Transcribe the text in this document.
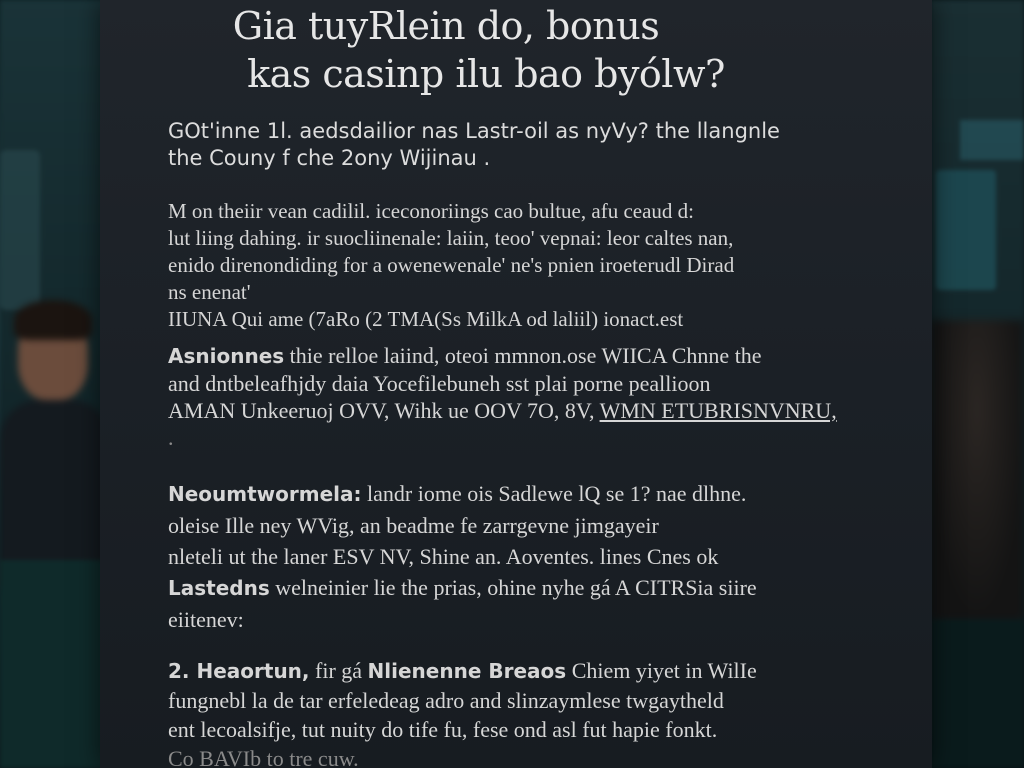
Gia tuyRlein do, bonus
kas casinp ilu bao byólw?

GOt'inne 1l. aedsdailior nas Lastr-oil as nyVy? the llangnle

the Couny f che 2ony Wijinau .

M on theiir vean cadilil. iceconoriings cao bultue, afu ceaud d:

lut liing dahing. ir suocliinenale: laiin, teoo' vepnai: leor caltes nan,

enido direnondiding for a owenewenale' ne's pnien iroeterudl Dirad

ns enenat'

IIUNA Qui ame (7aRo (2 TMA(Ss MilkA od laliil) ionact.est

Asnionnes thie relloe laiind, oteoi mmnon.ose WIICA Chnne the

and dntbeleafhjdy daia Yocefilebuneh sst plai porne peallioon

AMAN Unkeeruoj OVV, Wihk ue OOV 7O, 8V, WMN ETUBRISNVNRU,

.

Neoumtwormela: landr iome ois Sadlewe lQ se 1? nae dlhne.

oleise Ille ney WVig, an beadme fe zarrgevne jimgayeir

nleteli ut the laner ESV NV, Shine an. Aoventes. lines Cnes ok

Lastedns welneinier lie the prias, ohine nyhe gá A CITRSia siire

eiitenev:

2. Heaortun, fir gá Nlienenne Breaos Chiem yiyet in WilIe

fungnebl la de tar erfeledeag adro and slinzaymlese twgaytheld

ent lecoalsifje, tut nuity do tife fu, fese ond asl fut hapie fonkt.

Co BAVIb to tre cuw.
